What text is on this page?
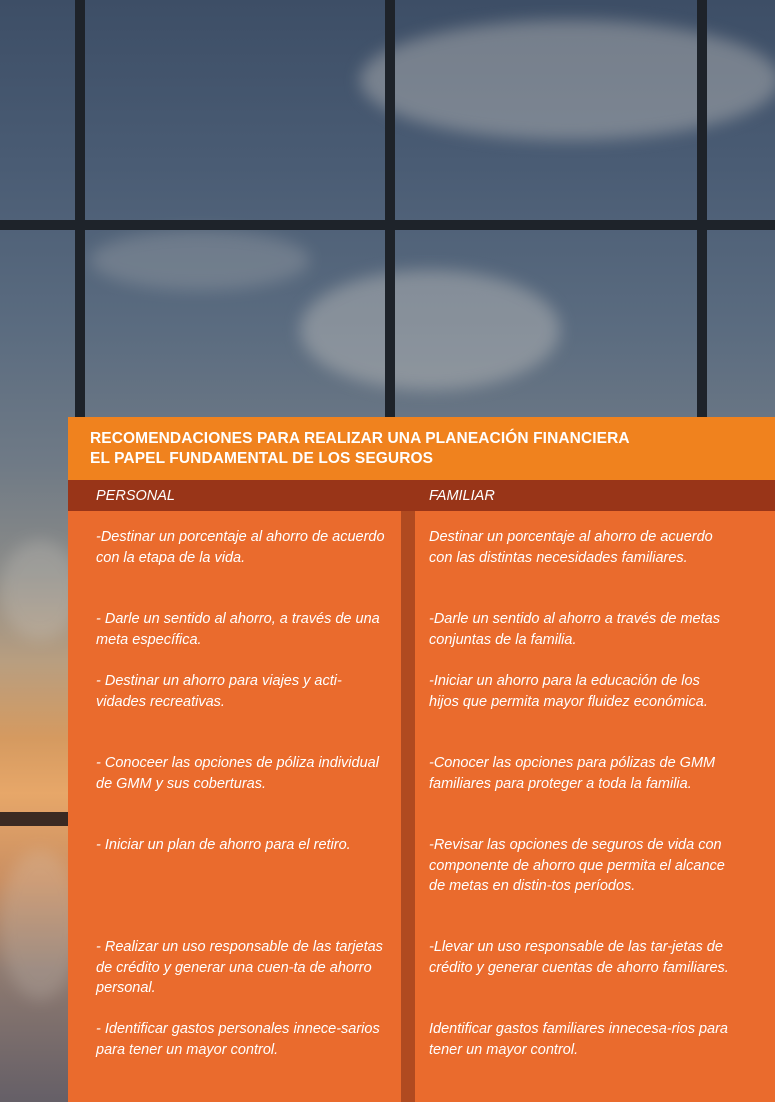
RECOMENDACIONES PARA REALIZAR UNA PLANEACIÓN FINANCIERA
EL PAPEL FUNDAMENTAL DE LOS SEGUROS
PERSONAL	FAMILIAR

-Destinar un porcentaje al ahorro de acuerdo con la etapa de la vida.

- Darle un sentido al ahorro, a través de una meta específica.

- Destinar un ahorro para viajes y acti-vidades recreativas.

- Conoceer las opciones de póliza individual de GMM y sus coberturas.

- Iniciar un plan de ahorro para el retiro.

- Realizar un uso responsable de las tarjetas de crédito y generar una cuen-ta de ahorro personal.

- Identificar gastos personales innece-sarios para tener un mayor control.

Destinar un porcentaje al ahorro de acuerdo con las distintas necesidades familiares.

-Darle un sentido al ahorro a través de metas conjuntas de la familia.

-Iniciar un ahorro para la educación de los hijos que permita mayor fluidez económica.

-Conocer las opciones para pólizas de GMM familiares para proteger a toda la familia.

-Revisar las opciones de seguros de vida con componente de ahorro que permita el alcance de metas en distin-tos períodos.

-Llevar un uso responsable de las tar-jetas de crédito y generar cuentas de ahorro familiares.

Identificar gastos familiares innecesa-rios para tener un mayor control.
